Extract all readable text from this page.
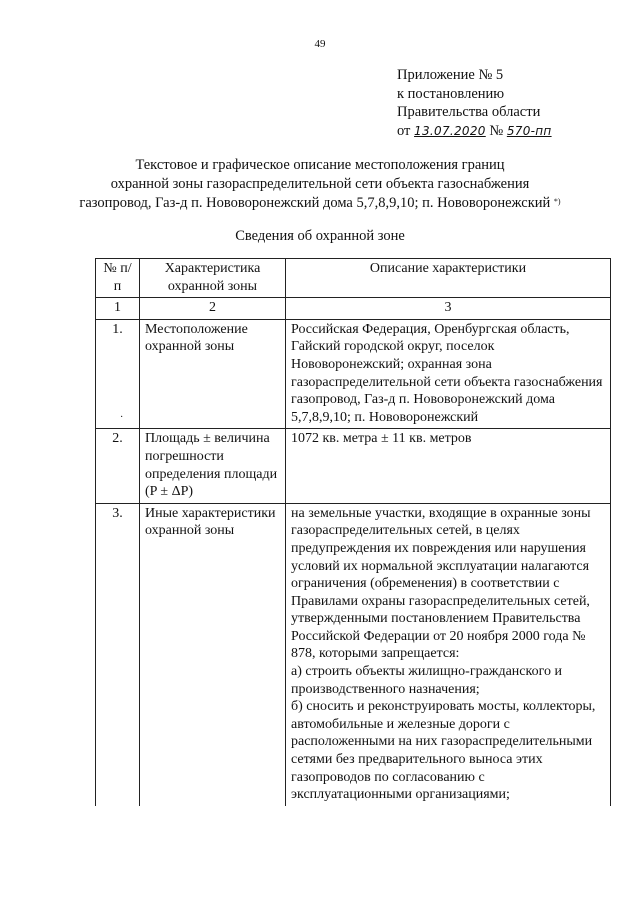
49
Приложение № 5
к постановлению
Правительства области
от 13.07.2020 № 570-пп
Текстовое и графическое описание местоположения границ
охранной зоны газораспределительной сети объекта газоснабжения
газопровод, Газ-д п. Нововоронежский дома 5,7,8,9,10; п. Нововоронежский *)
Сведения об охранной зоне
№ п/п	Характеристика охранной зоны	Описание характеристики
1	2	3
1.	Местоположение охранной зоны	Российская Федерация, Оренбургская область, Гайский городской округ, поселок Нововоронежский; охранная зона газораспределительной сети объекта газоснабжения газопровод, Газ-д п. Нововоронежский дома 5,7,8,9,10; п. Нововоронежский
2.	Площадь ± величина погрешности определения площади (P ± ΔP)	1072 кв. метра ± 11 кв. метров
3.	Иные характеристики охранной зоны	на земельные участки, входящие в охранные зоны газораспределительных сетей, в целях предупреждения их повреждения или нарушения условий их нормальной эксплуатации налагаются ограничения (обременения) в соответствии с Правилами охраны газораспределительных сетей, утвержденными постановлением Правительства Российской Федерации от 20 ноября 2000 года № 878, которыми запрещается:
а) строить объекты жилищно-гражданского и производственного назначения;
б) сносить и реконструировать мосты, коллекторы, автомобильные и железные дороги с расположенными на них газораспределительными сетями без предварительного выноса этих газопроводов по согласованию с эксплуатационными организациями;
·
